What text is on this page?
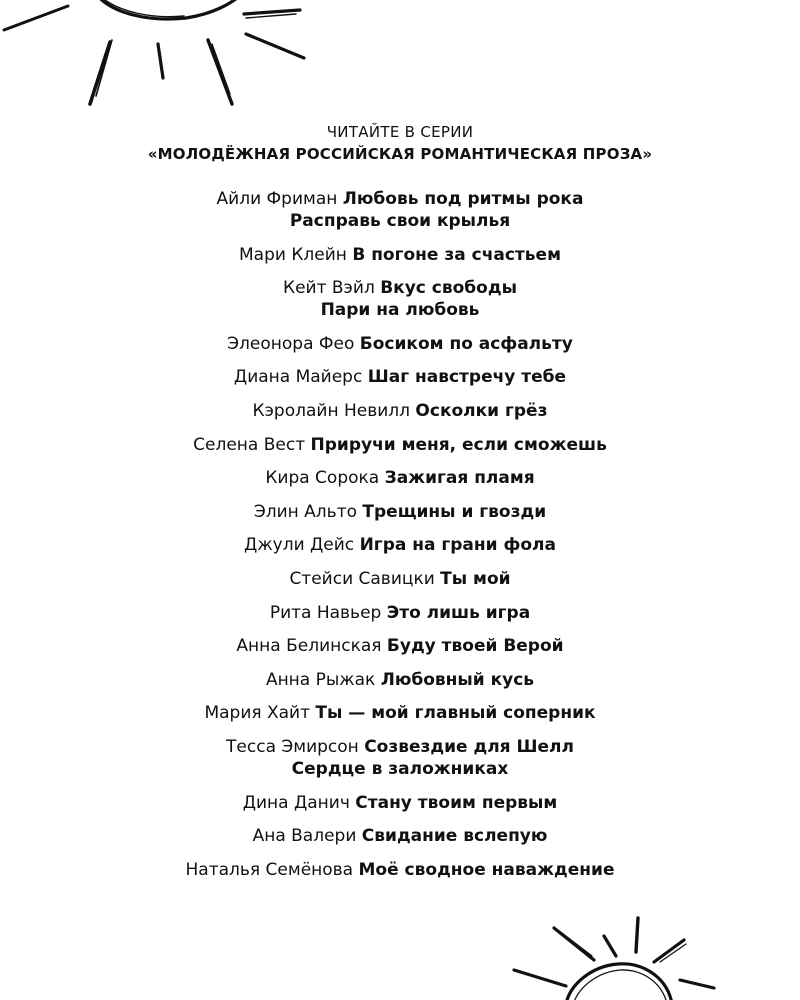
ЧИТАЙТЕ В СЕРИИ
«МОЛОДЁЖНАЯ РОССИЙСКАЯ РОМАНТИЧЕСКАЯ ПРОЗА»
Айли Фриман Любовь под ритмы рока
Расправь свои крылья
Мари Клейн В погоне за счастьем
Кейт Вэйл Вкус свободы
Пари на любовь
Элеонора Фео Босиком по асфальту
Диана Майерс Шаг навстречу тебе
Кэролайн Невилл Осколки грёз
Селена Вест Приручи меня, если сможешь
Кира Сорока Зажигая пламя
Элин Альто Трещины и гвозди
Джули Дейс Игра на грани фола
Стейси Савицки Ты мой
Рита Навьер Это лишь игра
Анна Белинская Буду твоей Верой
Анна Рыжак Любовный кусь
Мария Хайт Ты — мой главный соперник
Тесса Эмирсон Созвездие для Шелл
Сердце в заложниках
Дина Данич Стану твоим первым
Ана Валери Свидание вслепую
Наталья Семёнова Моё сводное наваждение
